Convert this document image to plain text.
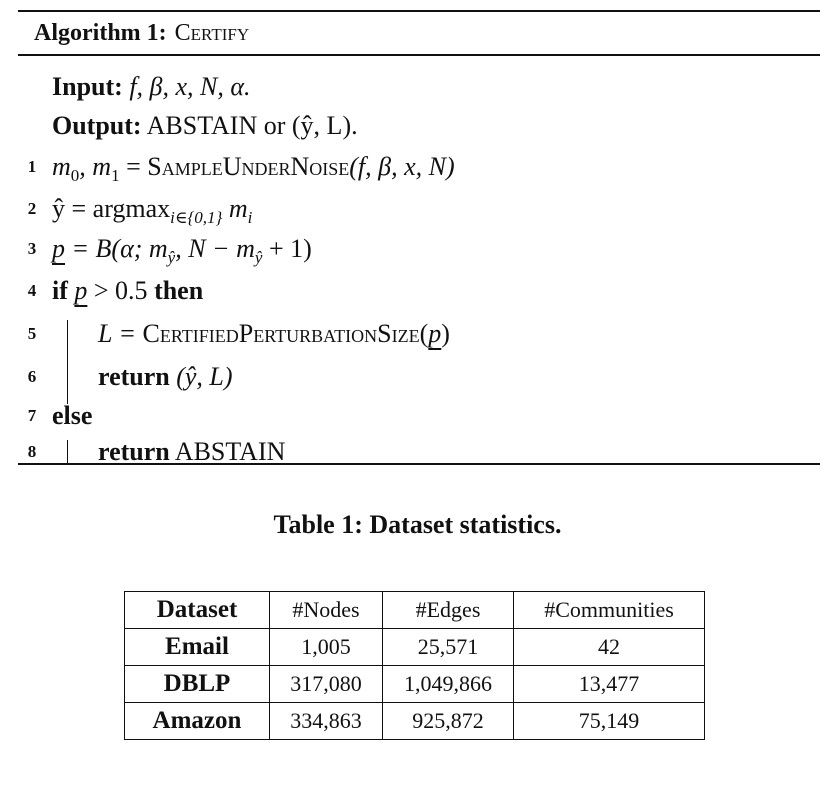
Algorithm 1: Certify
Input: f, β, x, N, α.
Output: ABSTAIN or (ŷ, L).
1 $m_0$, $m_1$ = SampleUnderNoise(f, β, x, N)
2 ŷ = argmax$_{i\in\{0,1\}}$ $m_i$
3 p = B(α; $m_ŷ$, $N - m_ŷ + 1$)
4 if p > 0.5 then
5 L = CertifiedPerturbationSize(p)
6 return (ŷ, L)
7 else
8 return ABSTAIN
Table 1: Dataset statistics.
Dataset	#Nodes	#Edges	#Communities
Email	1,005	25,571	42
DBLP	317,080	1,049,866	13,477
Amazon	334,863	925,872	75,149
